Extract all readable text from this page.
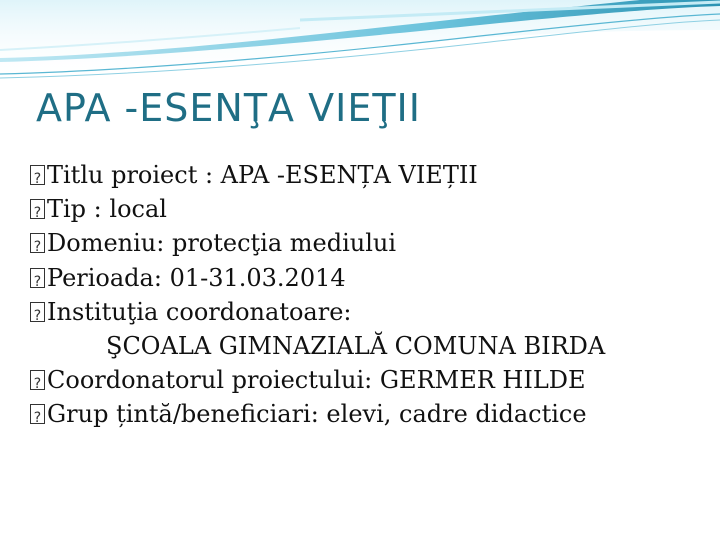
APA -ESENŢA VIEŢII
?Titlu proiect : APA -ESENȚA VIEȚII
?Tip : local
?Domeniu: protecţia mediului
?Perioada: 01-31.03.2014
?Instituţia coordonatoare:
ŞCOALA GIMNAZIALĂ COMUNA BIRDA
?Coordonatorul proiectului: GERMER HILDE
?Grup țintă/beneficiari: elevi, cadre didactice
